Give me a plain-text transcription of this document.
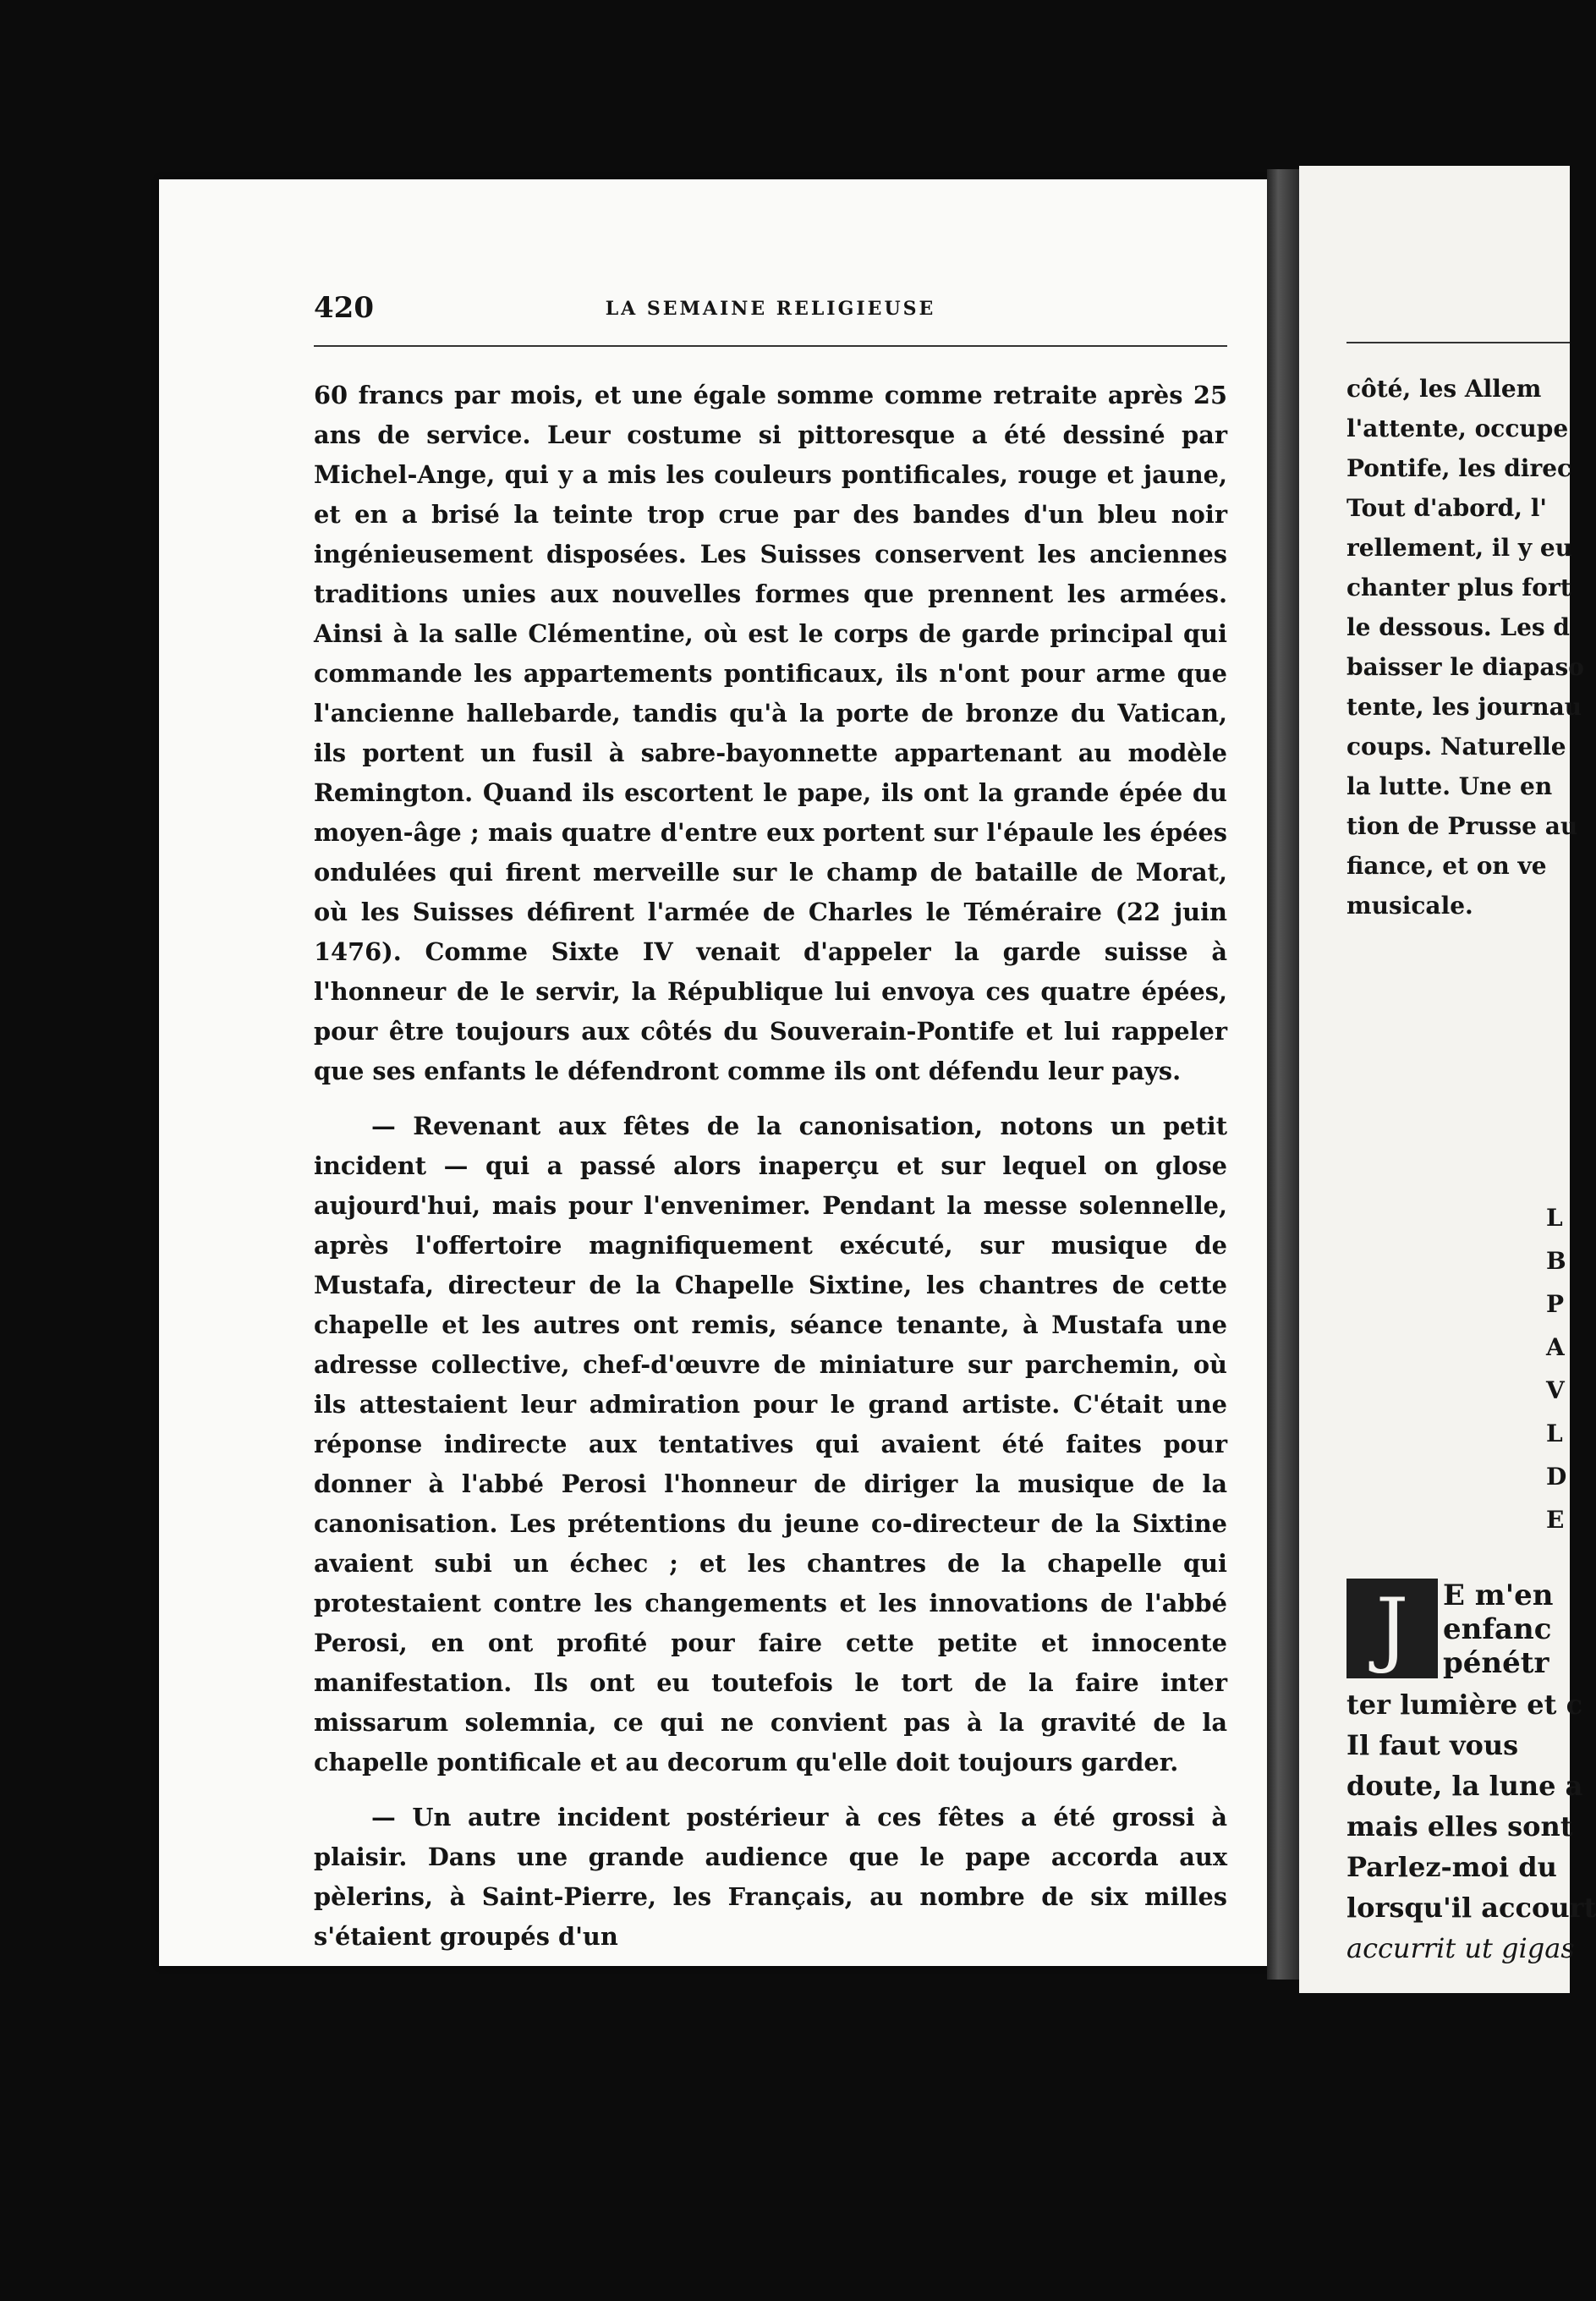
420	LA SEMAINE RELIGIEUSE

60 francs par mois, et une égale somme comme retraite après 25 ans de service. Leur costume si pittoresque a été dessiné par Michel-Ange, qui y a mis les couleurs pontificales, rouge et jaune, et en a brisé la teinte trop crue par des bandes d'un bleu noir ingénieusement disposées. Les Suisses conservent les anciennes traditions unies aux nouvelles formes que prennent les armées. Ainsi à la salle Clémentine, où est le corps de garde principal qui commande les appartements pontificaux, ils n'ont pour arme que l'ancienne hallebarde, tandis qu'à la porte de bronze du Vatican, ils portent un fusil à sabre-bayonnette appartenant au modèle Remington. Quand ils escortent le pape, ils ont la grande épée du moyen-âge ; mais quatre d'entre eux portent sur l'épaule les épées ondulées qui firent merveille sur le champ de bataille de Morat, où les Suisses défirent l'armée de Charles le Téméraire (22 juin 1476). Comme Sixte IV venait d'appeler la garde suisse à l'honneur de le servir, la République lui envoya ces quatre épées, pour être toujours aux côtés du Souverain-Pontife et lui rappeler que ses enfants le défendront comme ils ont défendu leur pays.

— Revenant aux fêtes de la canonisation, notons un petit incident — qui a passé alors inaperçu et sur lequel on glose aujourd'hui, mais pour l'envenimer. Pendant la messe solennelle, après l'offertoire magnifiquement exécuté, sur musique de Mustafa, directeur de la Chapelle Sixtine, les chantres de cette chapelle et les autres ont remis, séance tenante, à Mustafa une adresse collective, chef-d'œuvre de miniature sur parchemin, où ils attestaient leur admiration pour le grand artiste. C'était une réponse indirecte aux tentatives qui avaient été faites pour donner à l'abbé Perosi l'honneur de diriger la musique de la canonisation. Les prétentions du jeune co-directeur de la Sixtine avaient subi un échec ; et les chantres de la chapelle qui protestaient contre les changements et les innovations de l'abbé Perosi, en ont profité pour faire cette petite et innocente manifestation. Ils ont eu toutefois le tort de la faire inter missarum solemnia, ce qui ne convient pas à la gravité de la chapelle pontificale et au decorum qu'elle doit toujours garder.

— Un autre incident postérieur à ces fêtes a été grossi à plaisir. Dans une grande audience que le pape accorda aux pèlerins, à Saint-Pierre, les Français, au nombre de six milles s'étaient groupés d'un

côté, les Allem
l'attente, occupe
Pontife, les direc
Tout d'abord, l'
rellement, il y eu
chanter plus fort
le dessous. Les d
baisser le diapaso
tente, les journau
coups. Naturelle
la lutte. Une en
tion de Prusse au
fiance, et on ve
musicale.
L
B
P
A
V
L
D
E
J	E m'en
enfanc
pénétr
ter lumière et c
Il faut vous
doute, la lune a
mais elles sont
Parlez-moi du
lorsqu'il accourt
accurrit ut gigas
